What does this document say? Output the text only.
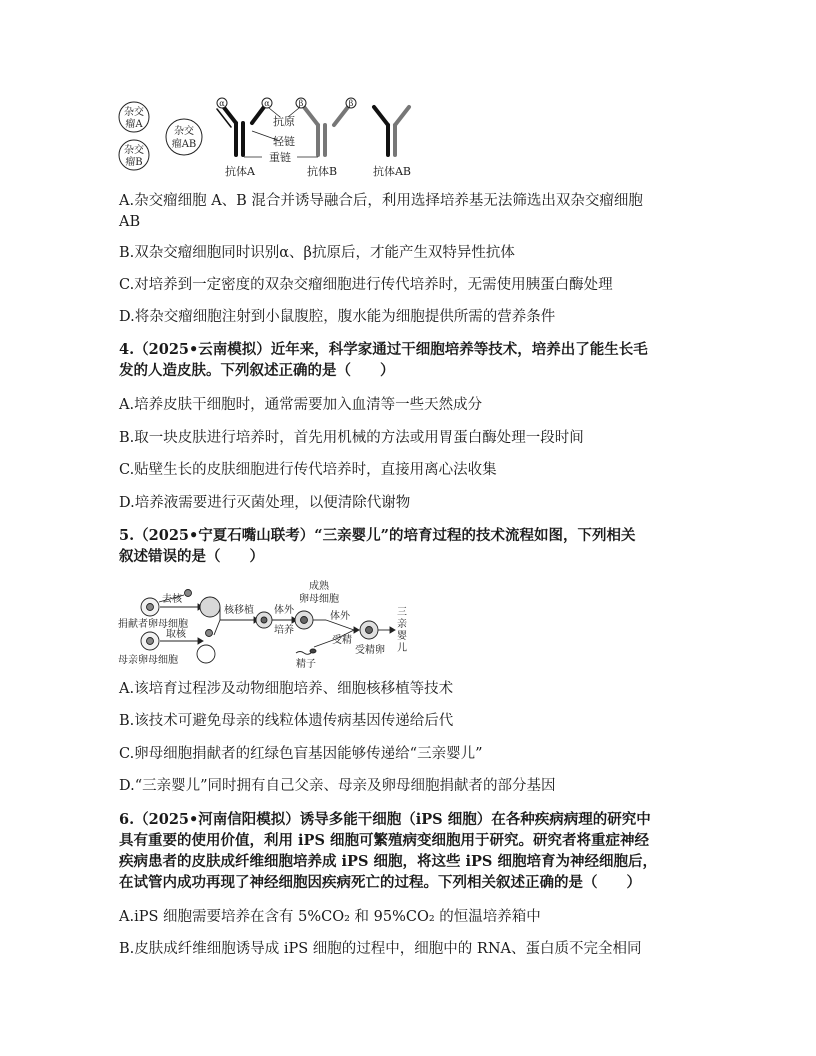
杂交
瘤A
杂交
瘤B
杂交
瘤AB
α	α	β	β
抗原
轻链
重链
抗体A	抗体B	抗体AB
A.杂交瘤细胞 A、B 混合并诱导融合后，利用选择培养基无法筛选出双杂交瘤细胞
AB
B.双杂交瘤细胞同时识别α、β抗原后，才能产生双特异性抗体
C.对培养到一定密度的双杂交瘤细胞进行传代培养时，无需使用胰蛋白酶处理
D.将杂交瘤细胞注射到小鼠腹腔，腹水能为细胞提供所需的营养条件
4.（2025•云南模拟）近年来，科学家通过干细胞培养等技术，培养出了能生长毛
发的人造皮肤。下列叙述正确的是（　　）
A.培养皮肤干细胞时，通常需要加入血清等一些天然成分
B.取一块皮肤进行培养时，首先用机械的方法或用胃蛋白酶处理一段时间
C.贴壁生长的皮肤细胞进行传代培养时，直接用离心法收集
D.培养液需要进行灭菌处理，以便清除代谢物
5.（2025•宁夏石嘴山联考）“三亲婴儿”的培育过程的技术流程如图，下列相关
叙述错误的是（　　）
去核
捐献者卵母细胞
取核
母亲卵母细胞
核移植 体外
培养
成熟
卵母细胞
体外
受精
精子
受精卵
三
亲
婴
儿
A.该培育过程涉及动物细胞培养、细胞核移植等技术
B.该技术可避免母亲的线粒体遗传病基因传递给后代
C.卵母细胞捐献者的红绿色盲基因能够传递给“三亲婴儿”
D.“三亲婴儿”同时拥有自己父亲、母亲及卵母细胞捐献者的部分基因
6.（2025•河南信阳模拟）诱导多能干细胞（iPS 细胞）在各种疾病病理的研究中
具有重要的使用价值，利用 iPS 细胞可繁殖病变细胞用于研究。研究者将重症神经
疾病患者的皮肤成纤维细胞培养成 iPS 细胞，将这些 iPS 细胞培育为神经细胞后，
在试管内成功再现了神经细胞因疾病死亡的过程。下列相关叙述正确的是（　　）
A.iPS 细胞需要培养在含有 5%CO₂ 和 95%CO₂ 的恒温培养箱中
B.皮肤成纤维细胞诱导成 iPS 细胞的过程中，细胞中的 RNA、蛋白质不完全相同
